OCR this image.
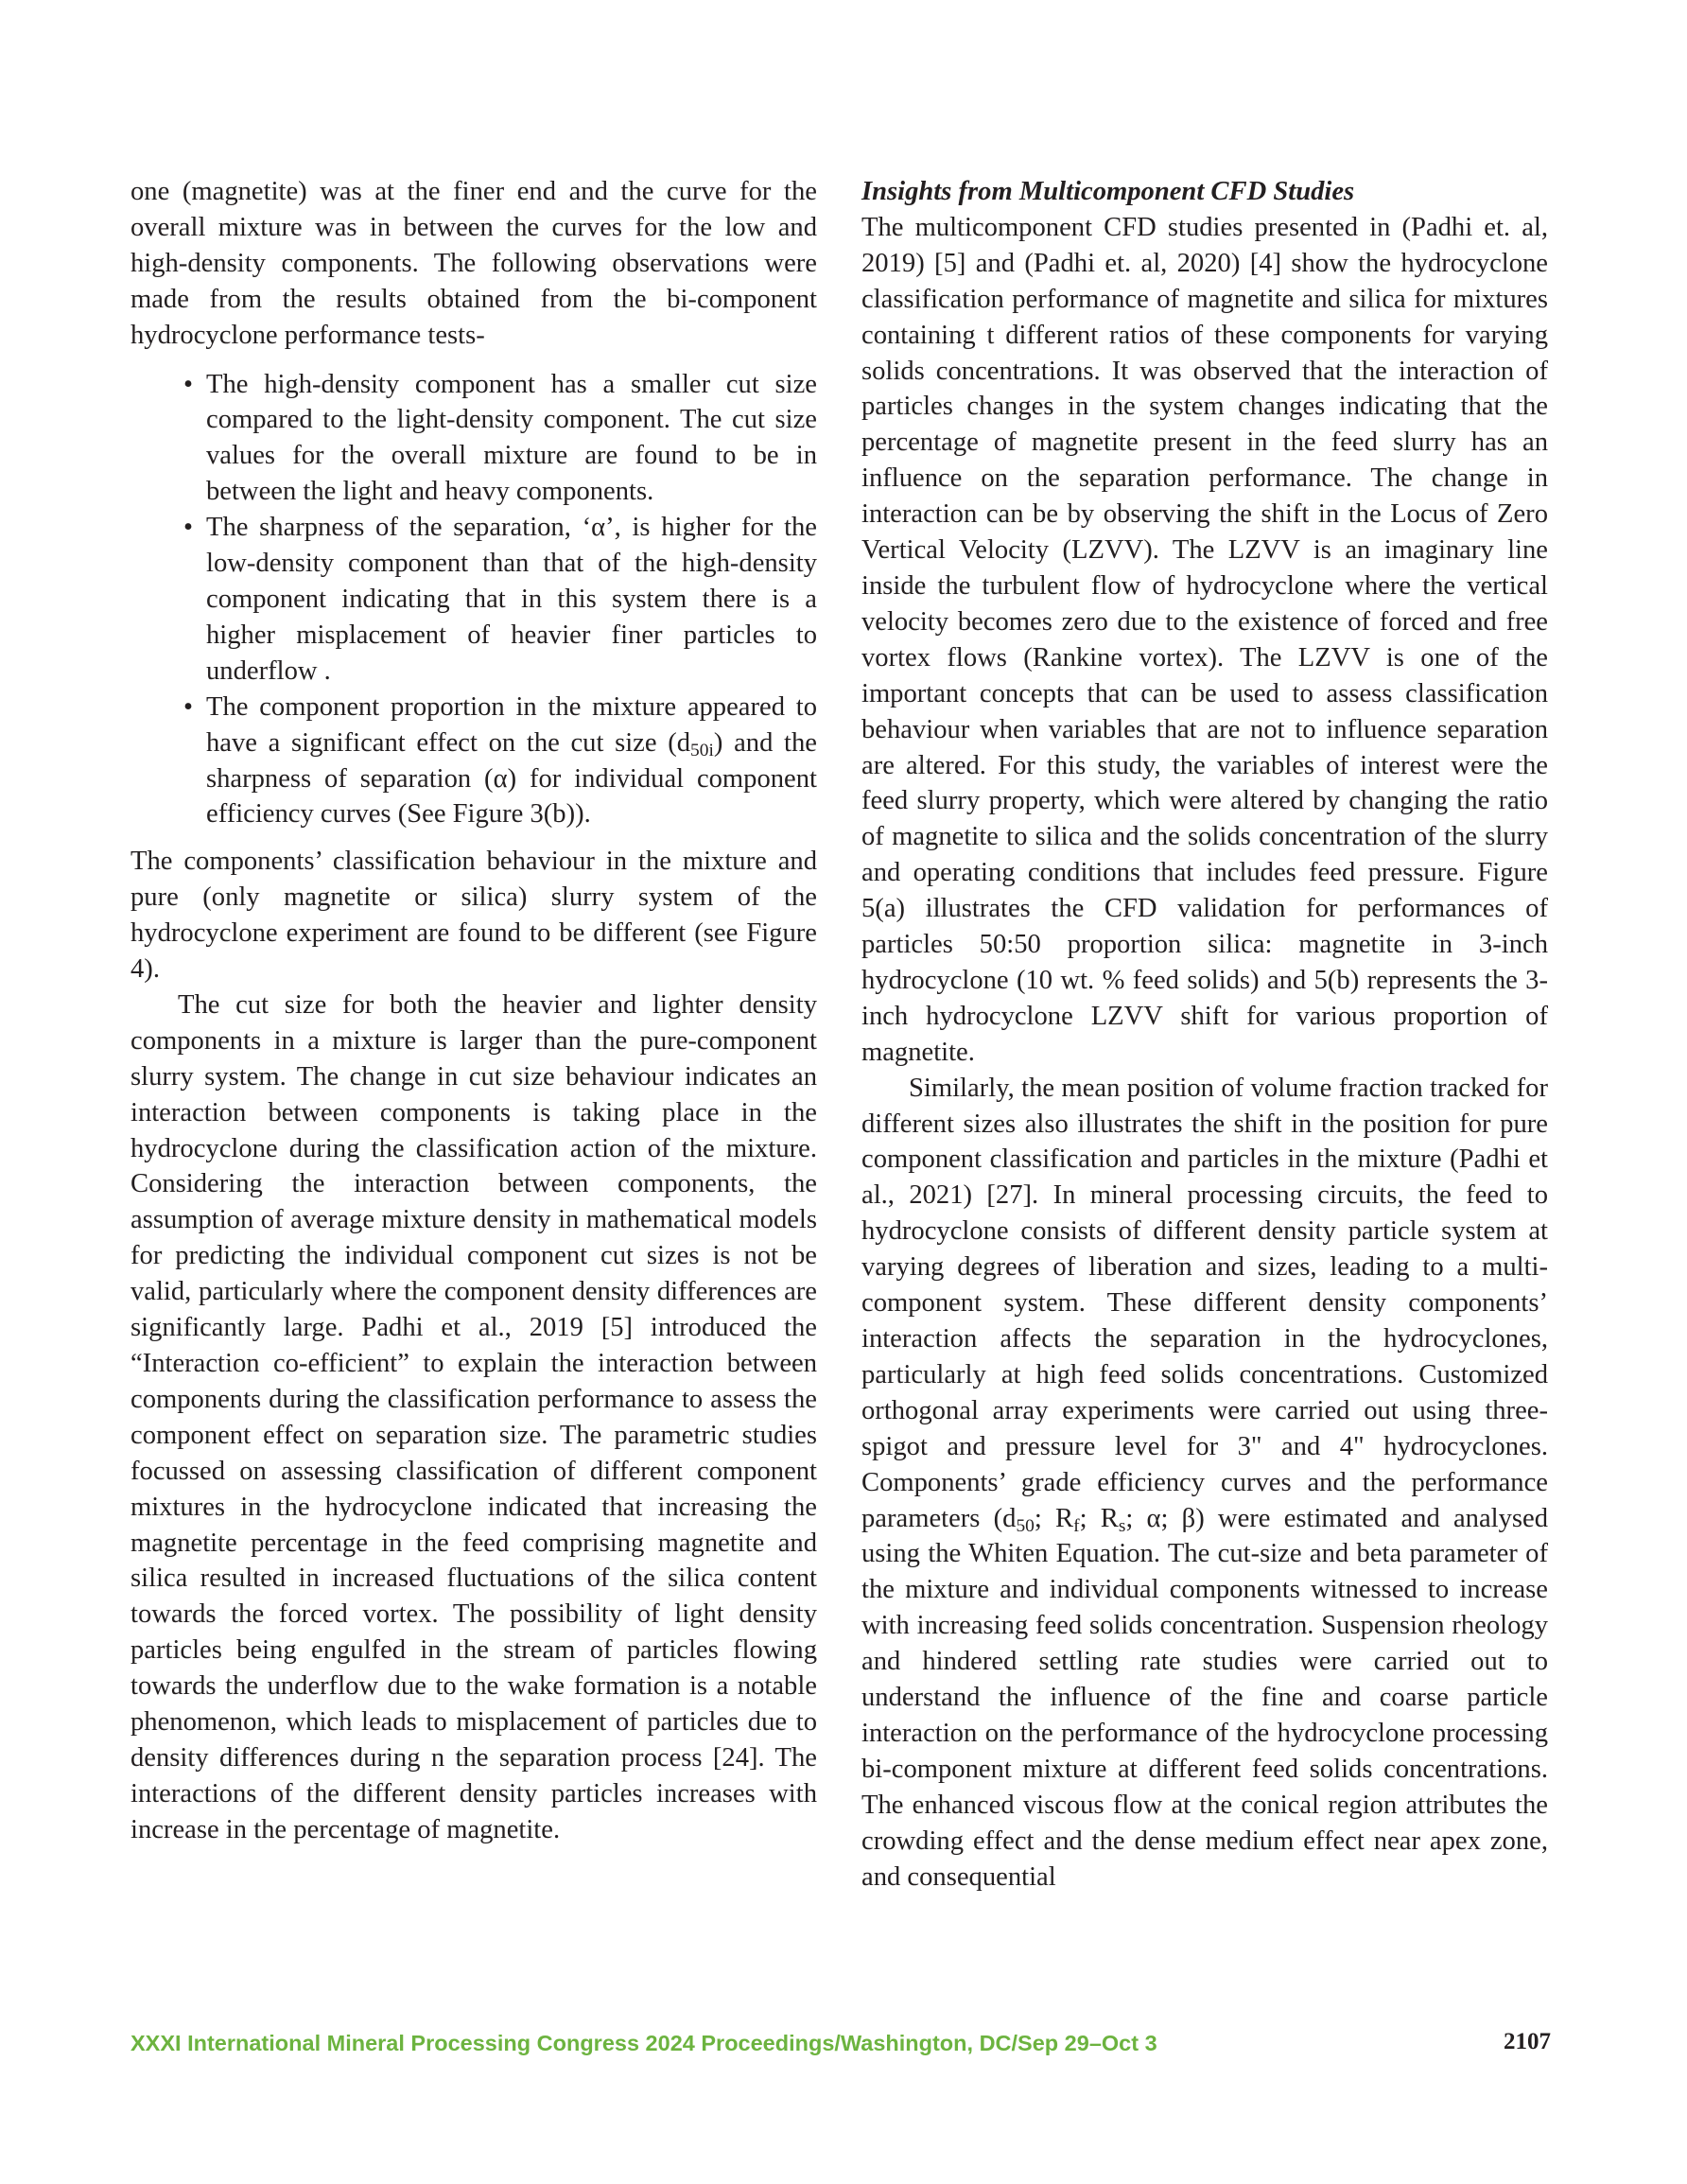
one (magnetite) was at the finer end and the curve for the overall mixture was in between the curves for the low and high-density components. The following observations were made from the results obtained from the bi-component hydrocyclone performance tests-

• The high-density component has a smaller cut size compared to the light-density component. The cut size values for the overall mixture are found to be in between the light and heavy components.
• The sharpness of the separation, ‘α’, is higher for the low-density component than that of the high-density component indicating that in this system there is a higher misplacement of heavier finer particles to underflow .
• The component proportion in the mixture appeared to have a significant effect on the cut size $(d_{50i})$ and the sharpness of separation (α) for individual component efficiency curves (See Figure 3(b)).

The components’ classification behaviour in the mixture and pure (only magnetite or silica) slurry system of the hydrocyclone experiment are found to be different (see Figure 4).

The cut size for both the heavier and lighter density components in a mixture is larger than the pure-component slurry system. The change in cut size behaviour indicates an interaction between components is taking place in the hydrocyclone during the classification action of the mixture. Considering the interaction between components, the assumption of average mixture density in mathematical models for predicting the individual component cut sizes is not be valid, particularly where the component density differences are significantly large. Padhi et al., 2019 [5] introduced the “Interaction co-efficient” to explain the interaction between components during the classification performance to assess the component effect on separation size. The parametric studies focussed on assessing classification of different component mixtures in the hydrocyclone indicated that increasing the magnetite percentage in the feed comprising magnetite and silica resulted in increased fluctuations of the silica content towards the forced vortex. The possibility of light density particles being engulfed in the stream of particles flowing towards the underflow due to the wake formation is a notable phenomenon, which leads to misplacement of particles due to density differences during n the separation process [24]. The interactions of the different density particles increases with increase in the percentage of magnetite.

Insights from Multicomponent CFD Studies

The multicomponent CFD studies presented in (Padhi et. al, 2019) [5] and (Padhi et. al, 2020) [4] show the hydrocyclone classification performance of magnetite and silica for mixtures containing t different ratios of these components for varying solids concentrations. It was observed that the interaction of particles changes in the system changes indicating that the percentage of magnetite present in the feed slurry has an influence on the separation performance. The change in interaction can be by observing the shift in the Locus of Zero Vertical Velocity (LZVV). The LZVV is an imaginary line inside the turbulent flow of hydrocyclone where the vertical velocity becomes zero due to the existence of forced and free vortex flows (Rankine vortex). The LZVV is one of the important concepts that can be used to assess classification behaviour when variables that are not to influence separation are altered. For this study, the variables of interest were the feed slurry property, which were altered by changing the ratio of magnetite to silica and the solids concentration of the slurry and operating conditions that includes feed pressure. Figure 5(a) illustrates the CFD validation for performances of particles 50:50 proportion silica: magnetite in 3-inch hydrocyclone (10 wt. % feed solids) and 5(b) represents the 3-inch hydrocyclone LZVV shift for various proportion of magnetite.

Similarly, the mean position of volume fraction tracked for different sizes also illustrates the shift in the position for pure component classification and particles in the mixture (Padhi et al., 2021) [27]. In mineral processing circuits, the feed to hydrocyclone consists of different density particle system at varying degrees of liberation and sizes, leading to a multi-component system. These different density components’ interaction affects the separation in the hydrocyclones, particularly at high feed solids concentrations. Customized orthogonal array experiments were carried out using three-spigot and pressure level for 3" and 4" hydrocyclones. Components’ grade efficiency curves and the performance parameters ($d_{50}$; $R_f$; $R_s$; α; β) were estimated and analysed using the Whiten Equation. The cut-size and beta parameter of the mixture and individual components witnessed to increase with increasing feed solids concentration. Suspension rheology and hindered settling rate studies were carried out to understand the influence of the fine and coarse particle interaction on the performance of the hydrocyclone processing bi-component mixture at different feed solids concentrations. The enhanced viscous flow at the conical region attributes the crowding effect and the dense medium effect near apex zone, and consequential

XXXI International Mineral Processing Congress 2024 Proceedings/Washington, DC/Sep 29–Oct 3	2107
